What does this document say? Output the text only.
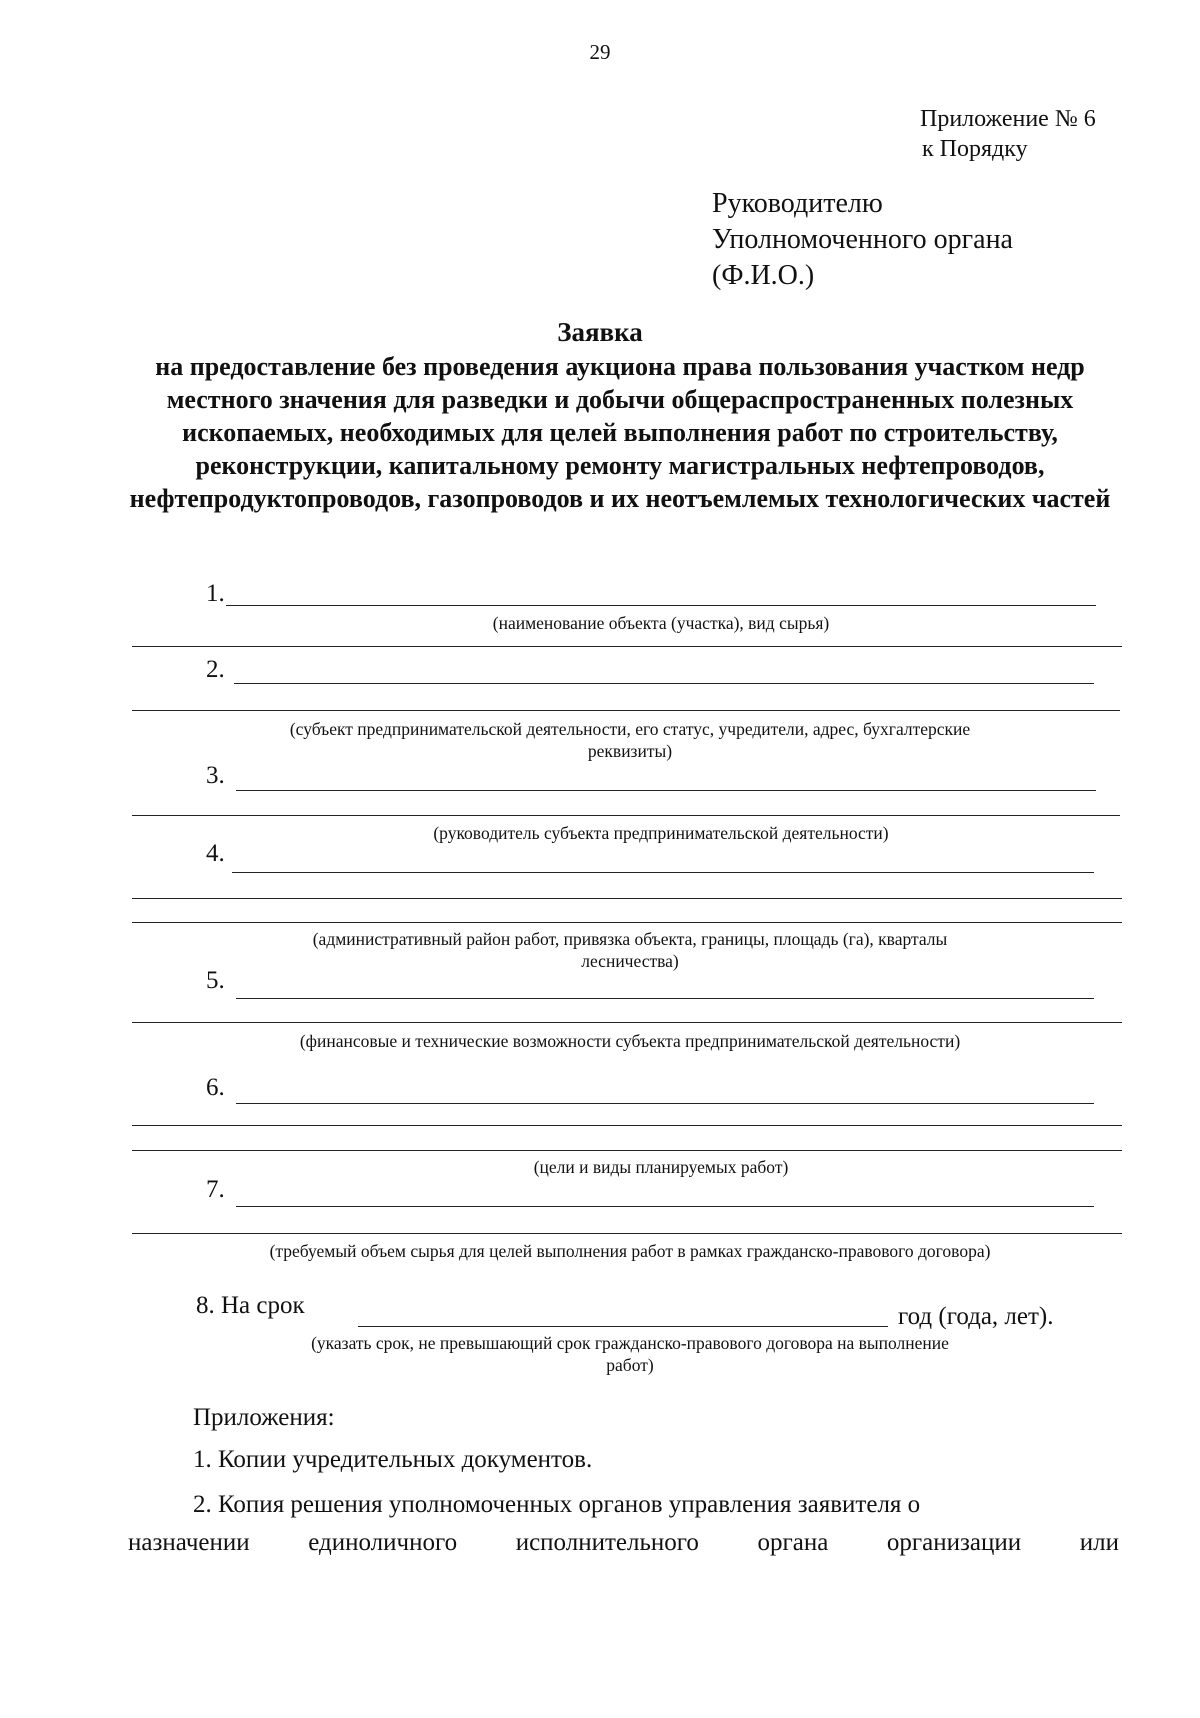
29
Приложение № 6
к Порядку
Руководителю
Уполномоченного органа
(Ф.И.О.)
Заявка
на предоставление без проведения аукциона права пользования участком недр местного значения для разведки и добычи общераспространенных полезных ископаемых, необходимых для целей выполнения работ по строительству, реконструкции, капитальному ремонту магистральных нефтепроводов, нефтепродуктопроводов, газопроводов и их неотъемлемых технологических частей
1.
(наименование объекта (участка), вид сырья)
2.
(субъект предпринимательской деятельности, его статус, учредители, адрес, бухгалтерские реквизиты)
3.
(руководитель субъекта предпринимательской деятельности)
4.
(административный район работ, привязка объекта, границы, площадь (га), кварталы лесничества)
5.
(финансовые и технические возможности субъекта предпринимательской деятельности)
6.
(цели и виды планируемых работ)
7.
(требуемый объем сырья для целей выполнения работ в рамках гражданско-правового договора)
8. На срок	год (года, лет).
(указать срок, не превышающий срок гражданско-правового договора на выполнение работ)
Приложения:
1. Копии учредительных документов.
2. Копия решения уполномоченных органов управления заявителя о
назначении единоличного исполнительного органа организации или
